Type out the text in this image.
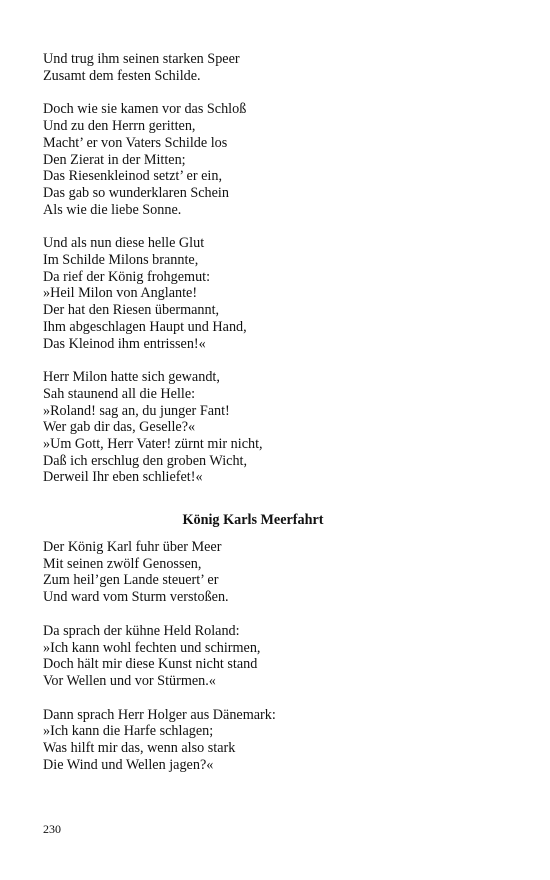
Und trug ihm seinen starken Speer
Zusamt dem festen Schilde.
Doch wie sie kamen vor das Schloß
Und zu den Herrn geritten,
Macht’ er von Vaters Schilde los
Den Zierat in der Mitten;
Das Riesenkleinod setzt’ er ein,
Das gab so wunderklaren Schein
Als wie die liebe Sonne.
Und als nun diese helle Glut
Im Schilde Milons brannte,
Da rief der König frohgemut:
»Heil Milon von Anglante!
Der hat den Riesen übermannt,
Ihm abgeschlagen Haupt und Hand,
Das Kleinod ihm entrissen!«
Herr Milon hatte sich gewandt,
Sah staunend all die Helle:
»Roland! sag an, du junger Fant!
Wer gab dir das, Geselle?«
»Um Gott, Herr Vater! zürnt mir nicht,
Daß ich erschlug den groben Wicht,
Derweil Ihr eben schliefet!«
König Karls Meerfahrt
Der König Karl fuhr über Meer
Mit seinen zwölf Genossen,
Zum heil’gen Lande steuert’ er
Und ward vom Sturm verstoßen.
Da sprach der kühne Held Roland:
»Ich kann wohl fechten und schirmen,
Doch hält mir diese Kunst nicht stand
Vor Wellen und vor Stürmen.«
Dann sprach Herr Holger aus Dänemark:
»Ich kann die Harfe schlagen;
Was hilft mir das, wenn also stark
Die Wind und Wellen jagen?«
230
